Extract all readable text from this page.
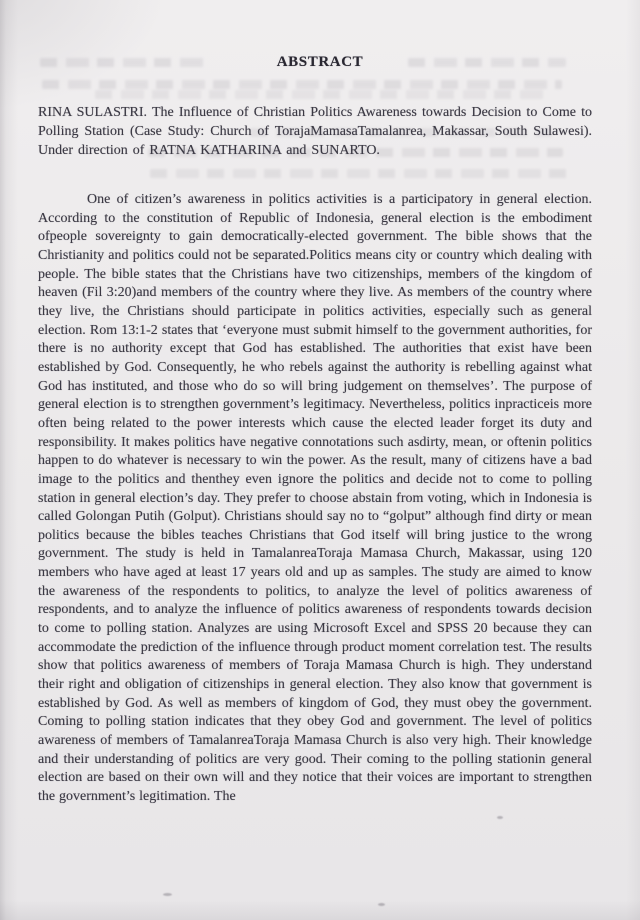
ABSTRACT

RINA SULASTRI. The Influence of Christian Politics Awareness towards Decision to Come to Polling Station (Case Study: Church of TorajaMamasaTamalanrea, Makassar, South Sulawesi). Under direction of RATNA KATHARINA and SUNARTO.

One of citizen’s awareness in politics activities is a participatory in general election. According to the constitution of Republic of Indonesia, general election is the embodiment ofpeople sovereignty to gain democratically-elected government. The bible shows that the Christianity and politics could not be separated.Politics means city or country which dealing with people. The bible states that the Christians have two citizenships, members of the kingdom of heaven (Fil 3:20)and members of the country where they live. As members of the country where they live, the Christians should participate in politics activities, especially such as general election. Rom 13:1-2 states that ‘everyone must submit himself to the government authorities, for there is no authority except that God has established. The authorities that exist have been established by God. Consequently, he who rebels against the authority is rebelling against what God has instituted, and those who do so will bring judgement on themselves’. The purpose of general election is to strengthen government’s legitimacy. Nevertheless, politics inpracticeis more often being related to the power interests which cause the elected leader forget its duty and responsibility. It makes politics have negative connotations such asdirty, mean, or oftenin politics happen to do whatever is necessary to win the power. As the result, many of citizens have a bad image to the politics and thenthey even ignore the politics and decide not to come to polling station in general election’s day. They prefer to choose abstain from voting, which in Indonesia is called Golongan Putih (Golput). Christians should say no to “golput” although find dirty or mean politics because the bibles teaches Christians that God itself will bring justice to the wrong government. The study is held in TamalanreaToraja Mamasa Church, Makassar, using 120 members who have aged at least 17 years old and up as samples. The study are aimed to know the awareness of the respondents to politics, to analyze the level of politics awareness of respondents, and to analyze the influence of politics awareness of respondents towards decision to come to polling station. Analyzes are using Microsoft Excel and SPSS 20 because they can accommodate the prediction of the influence through product moment correlation test. The results show that politics awareness of members of Toraja Mamasa Church is high. They understand their right and obligation of citizenships in general election. They also know that government is established by God. As well as members of kingdom of God, they must obey the government. Coming to polling station indicates that they obey God and government. The level of politics awareness of members of TamalanreaToraja Mamasa Church is also very high. Their knowledge and their understanding of politics are very good. Their coming to the polling stationin general election are based on their own will and they notice that their voices are important to strengthen the government’s legitimation. The
